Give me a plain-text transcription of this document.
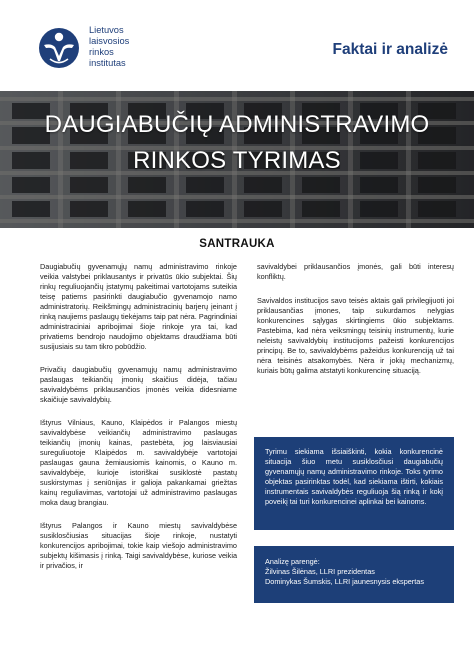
Lietuvos
laisvosios
rinkos
institutas
Faktai ir analizė
DAUGIABUČIŲ ADMINISTRAVIMO
RINKOS TYRIMAS
SANTRAUKA

Daugiabučių gyvenamųjų namų administravimo rinkoje veikia valstybei priklausantys ir privatūs ūkio subjektai. Šių rinkų reguliuojančių įstatymų pakeitimai vartotojams suteikia teisę patiems pasirinkti daugiabučio gyvenamojo namo administratorių. Reikšmingų administracinių barjerų įeinant į rinką naujiems paslaugų tiekėjams taip pat nėra. Pagrindiniai administraciniai apribojimai šioje rinkoje yra tai, kad privatiems bendrojo naudojimo objektams draudžiama būti susijusiais su tam tikro pobūdžio.

Privačių daugiabučių gyvenamųjų namų administravimo paslaugas teikiančių įmonių skaičius didėja, tačiau savivaldybėms priklausančios įmonės veikia didesniame skaičiuje savivaldybių.

Ištyrus Vilniaus, Kauno, Klaipėdos ir Palangos miestų savivaldybėse veikiančių administravimo paslaugas teikiančių įmonių kainas, pastebėta, jog laisviausiai sureguliuotoje Klaipėdos m. savivaldybėje vartotojai paslaugas gauna žemiausiomis kainomis, o Kauno m. savivaldybėje, kurioje istoriškai susiklostė pastatų suskirstymas į seniūnijas ir galioja pakankamai griežtas kainų reguliavimas, vartotojai už administravimo paslaugas moka daug brangiau.

Ištyrus Palangos ir Kauno miestų savivaldybėse susiklosčiusias situacijas šioje rinkoje, nustatyti konkurencijos apribojimai, tokie kaip viešojo administravimo subjektų kišimasis į rinką. Taigi savivaldybėse, kuriose veikia ir privačios, ir

savivaldybei priklausančios įmonės, gali būti interesų konfliktų.

Savivaldos institucijos savo teisės aktais gali privilegijuoti joi priklausančias įmones, taip sukurdamos nelygias konkurencines sąlygas skirtingiems ūkio subjektams. Pastebima, kad nėra veiksmingų teisinių instrumentų, kurie neleistų savivaldybių institucijoms pažeisti konkurencijos principų. Be to, savivaldybėms pažeidus konkurenciją už tai nėra teisinės atsakomybės. Nėra ir jokių mechanizmų, kuriais būtų galima atstatyti konkurencinę situaciją.

Tyrimu siekiama išsiaiškinti, kokia konkurencinė situacija šiuo metu susiklosčiusi daugiabučių gyvenamųjų namų administravimo rinkoje. Toks tyrimo objektas pasirinktas todėl, kad siekiama ištirti, kokiais instrumentais savivaldybės reguliuoja šią rinką ir kokį poveikį tai turi konkurencinei aplinkai bei kainoms.

Analizę parengė:
Žilvinas Šilėnas, LLRI prezidentas
Dominykas Šumskis, LLRI jaunesnysis ekspertas
